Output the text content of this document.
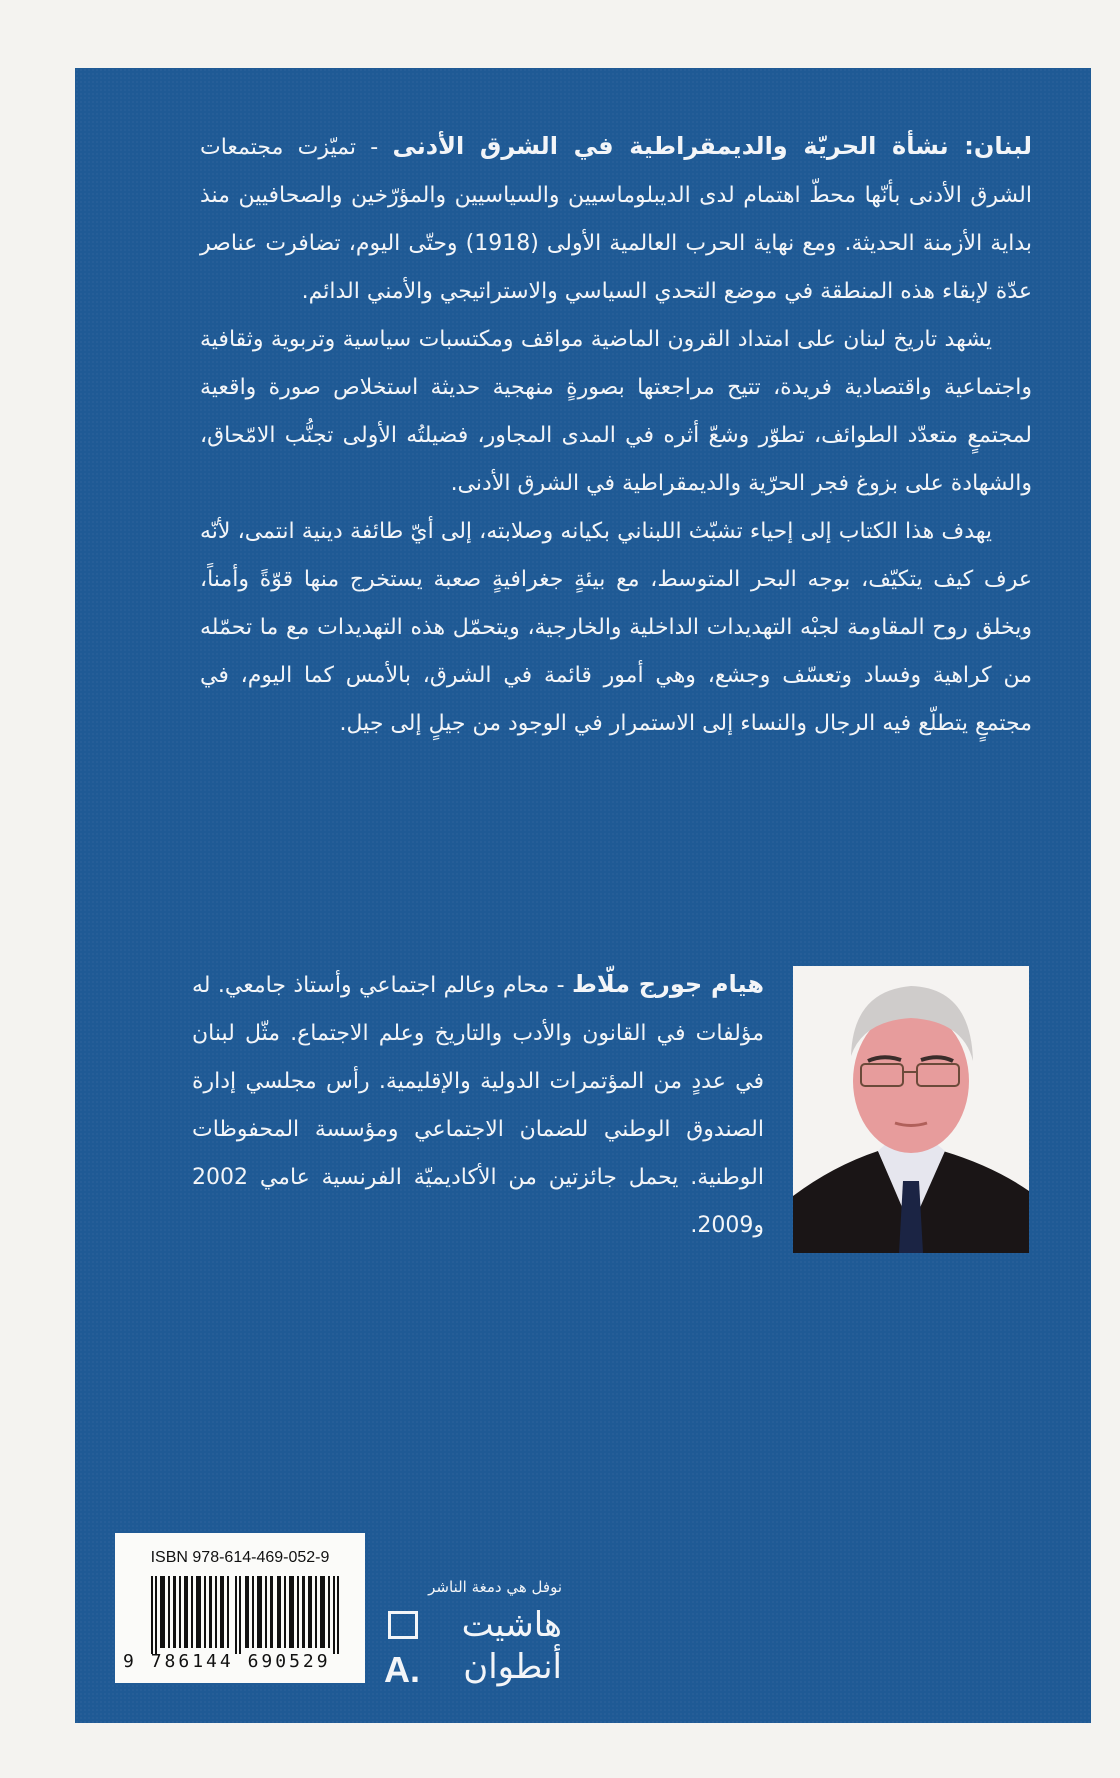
لبنان: نشأة الحريّة والديمقراطية في الشرق الأدنى - تميّزت مجتمعات الشرق الأدنى بأنّها محطّ اهتمام لدى الديبلوماسيين والسياسيين والمؤرّخين والصحافيين منذ بداية الأزمنة الحديثة. ومع نهاية الحرب العالمية الأولى (1918) وحتّى اليوم، تضافرت عناصر عدّة لإبقاء هذه المنطقة في موضع التحدي السياسي والاستراتيجي والأمني الدائم.

يشهد تاريخ لبنان على امتداد القرون الماضية مواقف ومكتسبات سياسية وتربوية وثقافية واجتماعية واقتصادية فريدة، تتيح مراجعتها بصورةٍ منهجية حديثة استخلاص صورة واقعية لمجتمعٍ متعدّد الطوائف، تطوّر وشعّ أثره في المدى المجاور، فضيلتُه الأولى تجنُّب الامّحاق، والشهادة على بزوغ فجر الحرّية والديمقراطية في الشرق الأدنى.

يهدف هذا الكتاب إلى إحياء تشبّث اللبناني بكيانه وصلابته، إلى أيّ طائفة دينية انتمى، لأنّه عرف كيف يتكيّف، بوجه البحر المتوسط، مع بيئةٍ جغرافيةٍ صعبة يستخرج منها قوّةً وأمناً، ويخلق روح المقاومة لجبْه التهديدات الداخلية والخارجية، ويتحمّل هذه التهديدات مع ما تحمّله من كراهية وفساد وتعسّف وجشع، وهي أمور قائمة في الشرق، بالأمس كما اليوم، في مجتمعٍ يتطلّع فيه الرجال والنساء إلى الاستمرار في الوجود من جيلٍ إلى جيل.

هيام جورج ملّاط - محام وعالم اجتماعي وأستاذ جامعي. له مؤلفات في القانون والأدب والتاريخ وعلم الاجتماع. مثّل لبنان في عددٍ من المؤتمرات الدولية والإقليمية. رأس مجلسي إدارة الصندوق الوطني للضمان الاجتماعي ومؤسسة المحفوظات الوطنية. يحمل جائزتين من الأكاديميّة الفرنسية عامي 2002 و2009.

ISBN 978-614-469-052-9
9 786144 690529
نوفل هي دمغة الناشر
هاشيت
A. أنطوان
